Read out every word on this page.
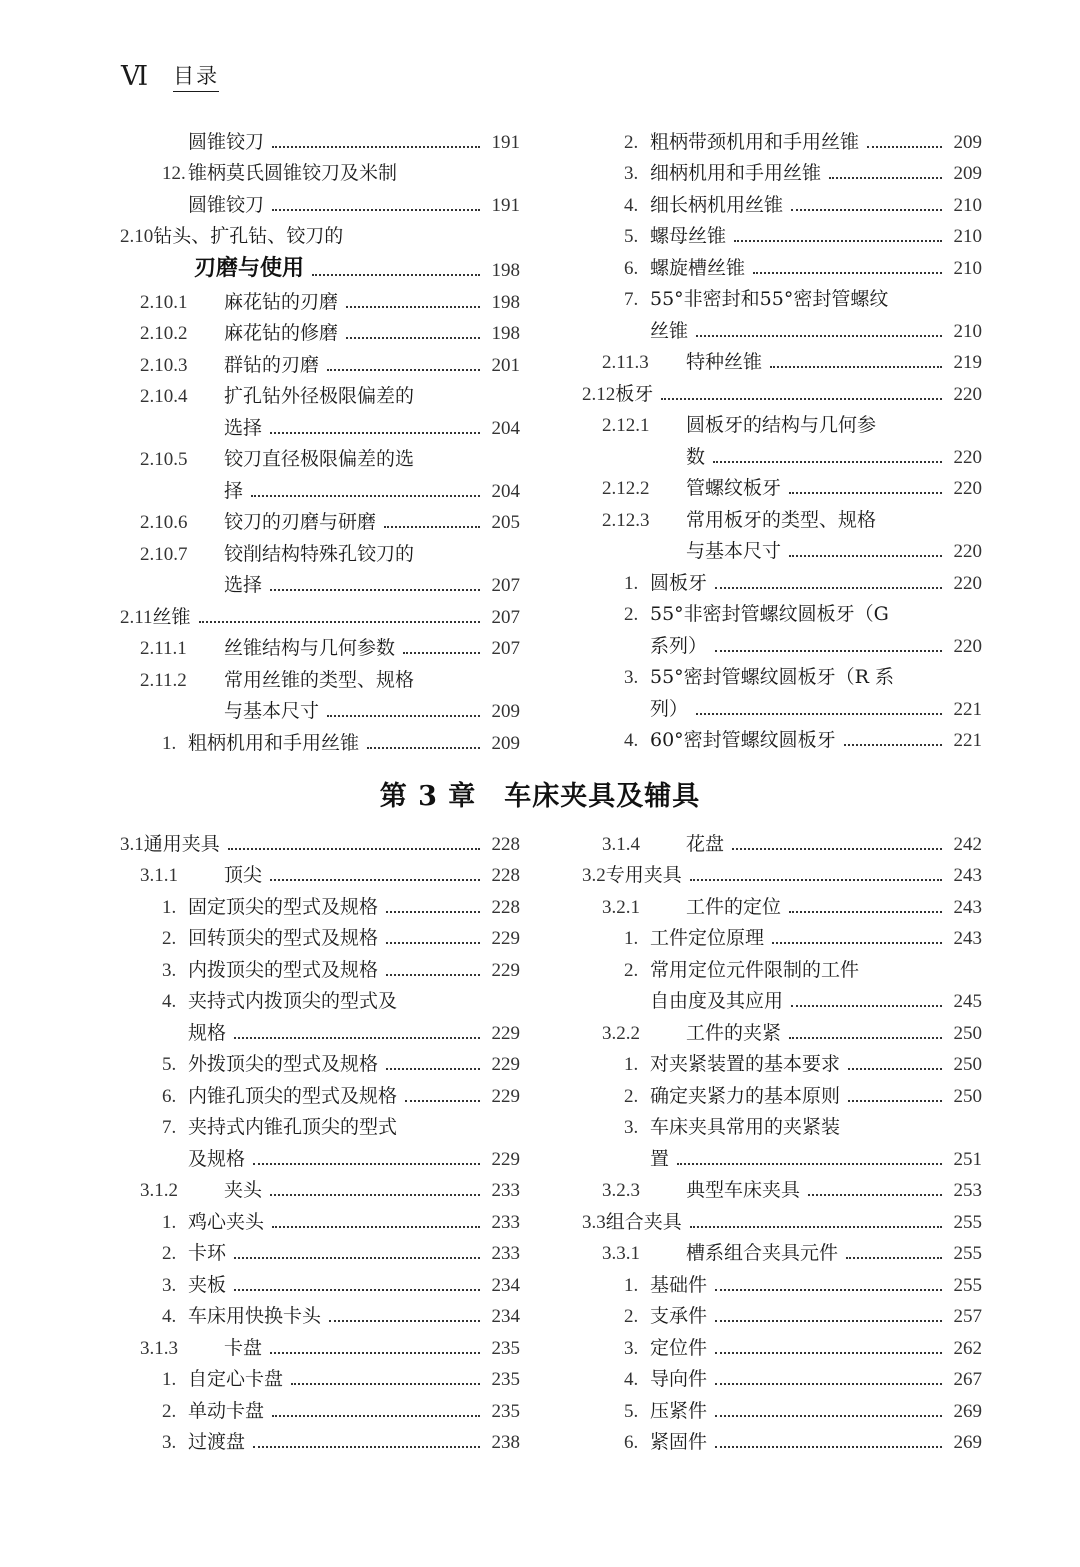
Ⅵ 目录
圆锥铰刀	191
12. 锥柄莫氏圆锥铰刀及米制
圆锥铰刀	191
2.10 钻头、扩孔钻、铰刀的
刃磨与使用	198
2.10.1	麻花钻的刃磨	198
2.10.2	麻花钻的修磨	198
2.10.3	群钻的刃磨	201
2.10.4	扩孔钻外径极限偏差的
选择	204
2.10.5	铰刀直径极限偏差的选
择	204
2.10.6	铰刀的刃磨与研磨	205
2.10.7	铰削结构特殊孔铰刀的
选择	207
2.11 丝锥	207
2.11.1	丝锥结构与几何参数	207
2.11.2	常用丝锥的类型、规格
与基本尺寸	209
1. 粗柄机用和手用丝锥	209
2. 粗柄带颈机用和手用丝锥	209
3. 细柄机用和手用丝锥	209
4. 细长柄机用丝锥	210
5. 螺母丝锥	210
6. 螺旋槽丝锥	210
7. 55°非密封和55°密封管螺纹
丝锥	210
2.11.3	特种丝锥	219
2.12 板牙	220
2.12.1	圆板牙的结构与几何参
数	220
2.12.2	管螺纹板牙	220
2.12.3	常用板牙的类型、规格
与基本尺寸	220
1. 圆板牙	220
2. 55°非密封管螺纹圆板牙（G
系列）	220
3. 55°密封管螺纹圆板牙（R 系
列）	221
4. 60°密封管螺纹圆板牙	221
第 3 章 车床夹具及辅具
3.1 通用夹具	228
3.1.1	顶尖	228
1. 固定顶尖的型式及规格	228
2. 回转顶尖的型式及规格	229
3. 内拨顶尖的型式及规格	229
4. 夹持式内拨顶尖的型式及
规格	229
5. 外拨顶尖的型式及规格	229
6. 内锥孔顶尖的型式及规格	229
7. 夹持式内锥孔顶尖的型式
及规格	229
3.1.2	夹头	233
1. 鸡心夹头	233
2. 卡环	233
3. 夹板	234
4. 车床用快换卡头	234
3.1.3	卡盘	235
1. 自定心卡盘	235
2. 单动卡盘	235
3. 过渡盘	238
3.1.4	花盘	242
3.2 专用夹具	243
3.2.1	工件的定位	243
1. 工件定位原理	243
2. 常用定位元件限制的工件
自由度及其应用	245
3.2.2	工件的夹紧	250
1. 对夹紧装置的基本要求	250
2. 确定夹紧力的基本原则	250
3. 车床夹具常用的夹紧装
置	251
3.2.3	典型车床夹具	253
3.3 组合夹具	255
3.3.1	槽系组合夹具元件	255
1. 基础件	255
2. 支承件	257
3. 定位件	262
4. 导向件	267
5. 压紧件	269
6. 紧固件	269
